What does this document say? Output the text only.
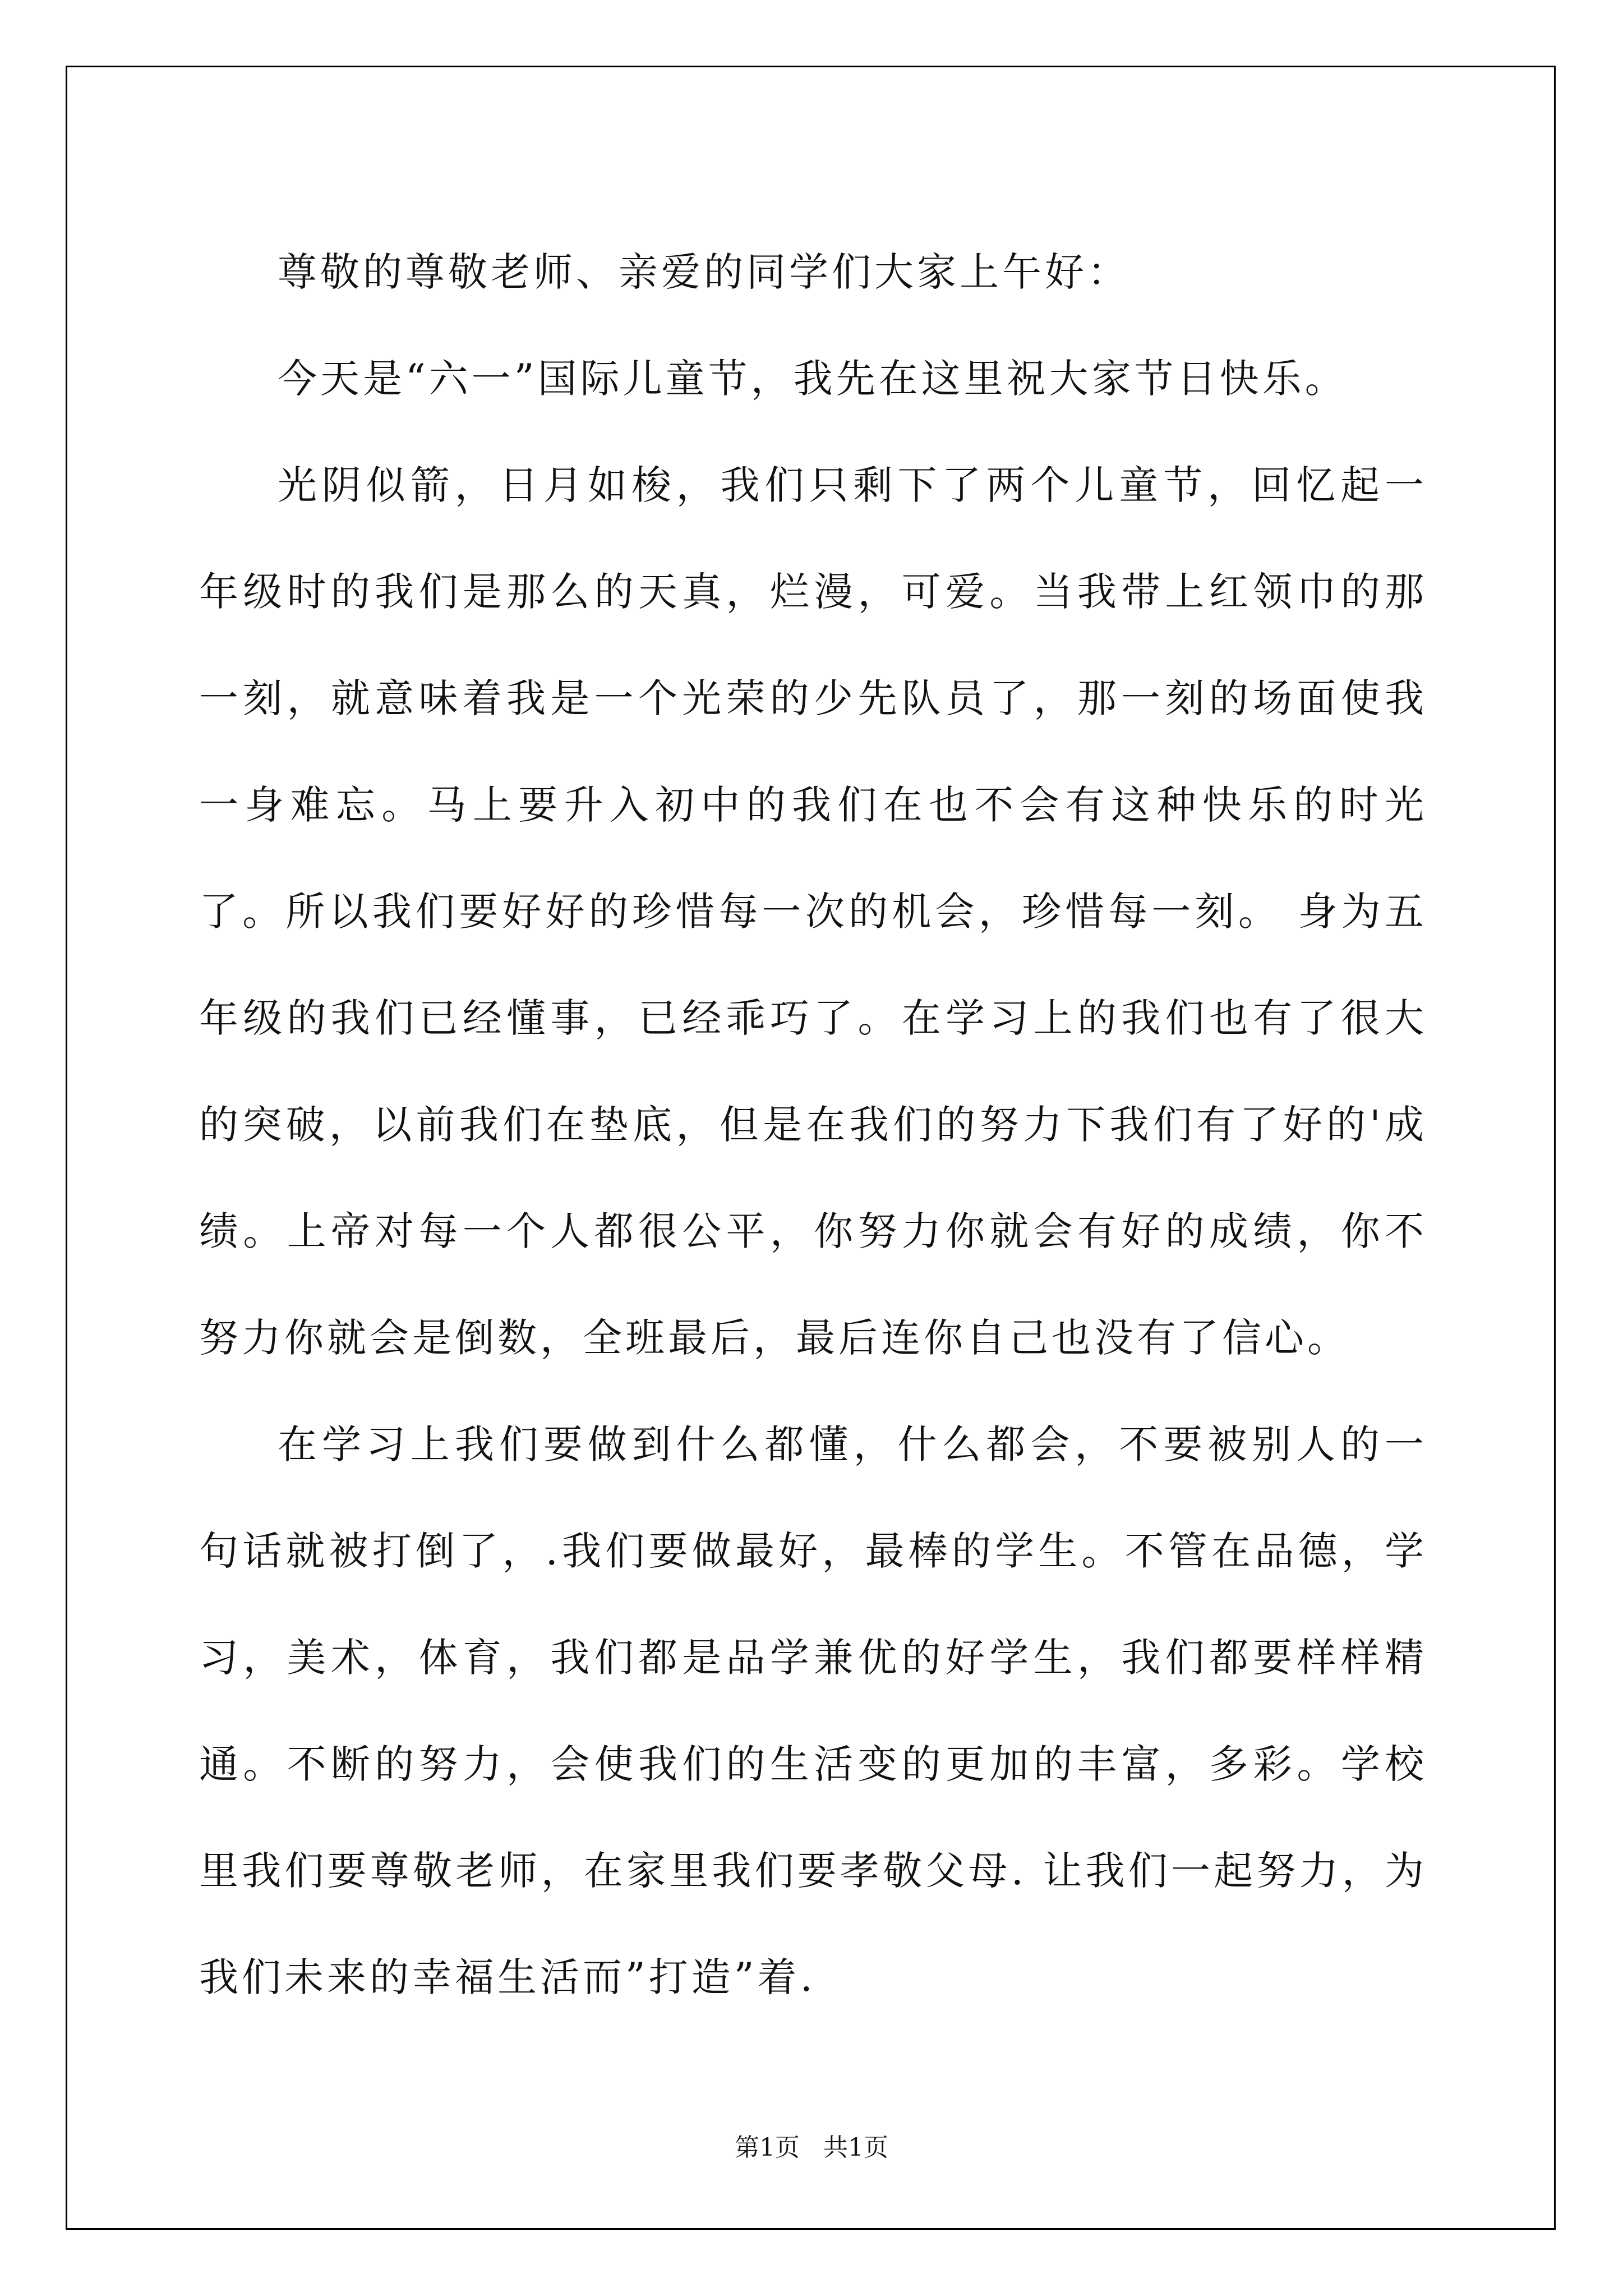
尊敬的尊敬老师、亲爱的同学们大家上午好：

今天是“六一”国际儿童节，我先在这里祝大家节日快乐。

光阴似箭，日月如梭，我们只剩下了两个儿童节，回忆起一年级时的我们是那么的天真，烂漫，可爱。当我带上红领巾的那一刻，就意味着我是一个光荣的少先队员了，那一刻的场面使我一身难忘。马上要升入初中的我们在也不会有这种快乐的时光了。所以我们要好好的珍惜每一次的机会，珍惜每一刻。 身为五年级的我们已经懂事，已经乖巧了。在学习上的我们也有了很大的突破，以前我们在垫底，但是在我们的努力下我们有了好的'成绩。上帝对每一个人都很公平，你努力你就会有好的成绩，你不努力你就会是倒数，全班最后，最后连你自己也没有了信心。

在学习上我们要做到什么都懂，什么都会，不要被别人的一句话就被打倒了，.我们要做最好，最棒的学生。不管在品德，学习，美术，体育，我们都是品学兼优的好学生，我们都要样样精通。不断的努力，会使我们的生活变的更加的丰富，多彩。学校里我们要尊敬老师，在家里我们要孝敬父母. 让我们一起努力，为我们未来的幸福生活而”打造”着.

第1页 共1页
